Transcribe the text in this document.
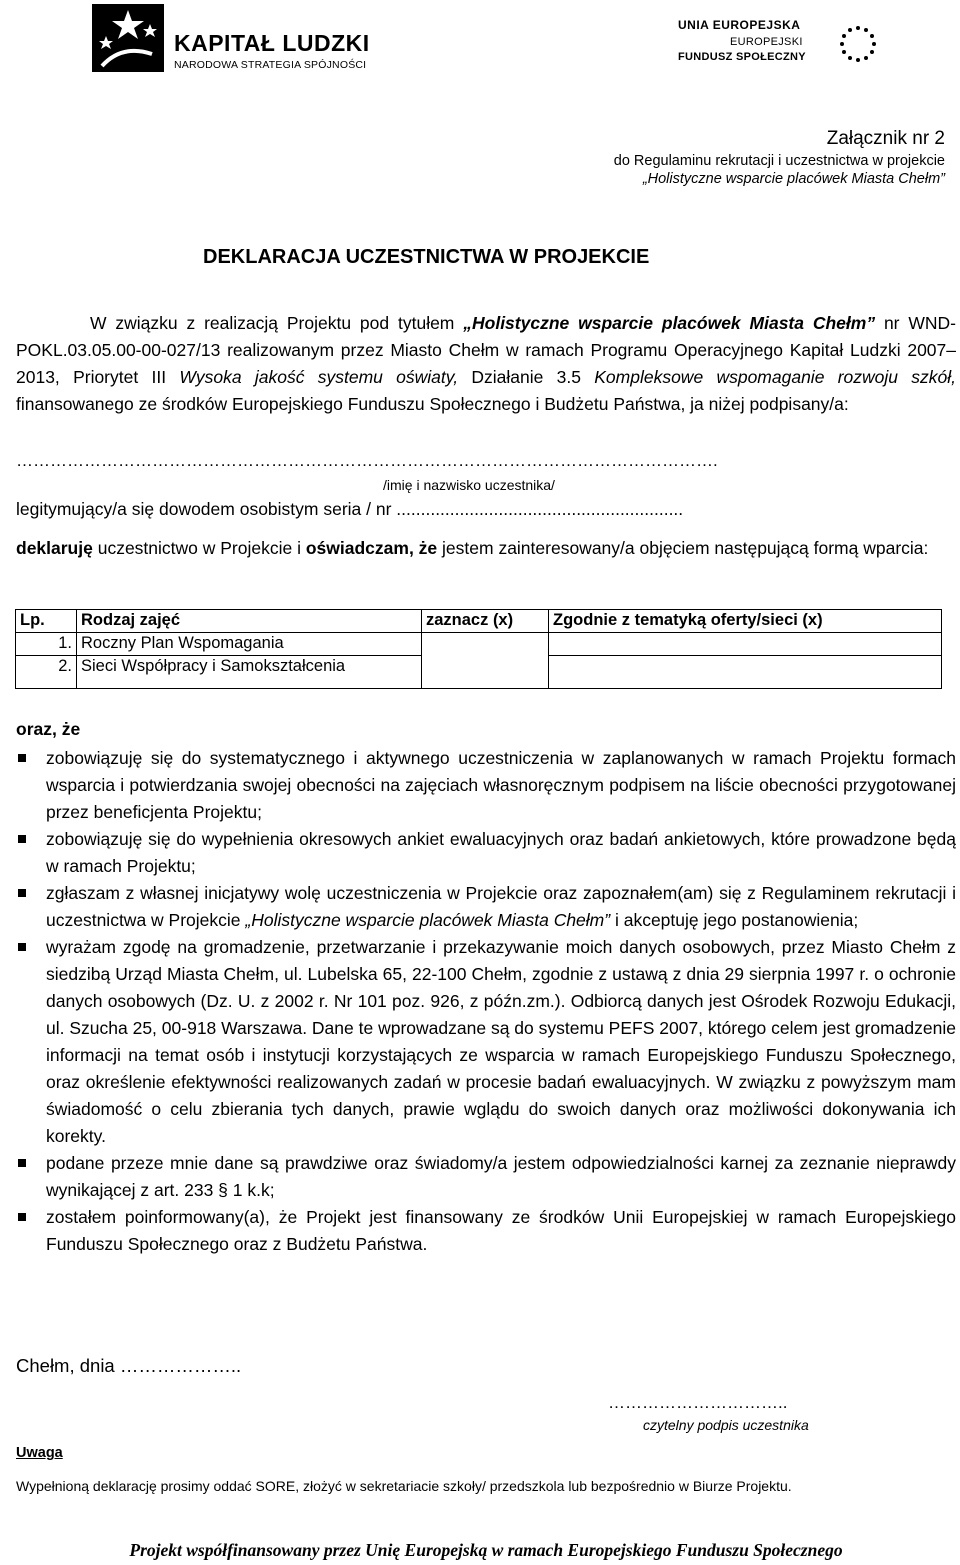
KAPITAŁ LUDZKI
NARODOWA STRATEGIA SPÓJNOŚCI
UNIA EUROPEJSKA
EUROPEJSKI
FUNDUSZ SPOŁECZNY
Załącznik nr 2
do Regulaminu rekrutacji i uczestnictwa w projekcie
„Holistyczne wsparcie placówek Miasta Chełm”
DEKLARACJA UCZESTNICTWA W PROJEKCIE

W związku z realizacją Projektu pod tytułem „Holistyczne wsparcie placówek Miasta Chełm” nr WND-POKL.03.05.00-00-027/13 realizowanym przez Miasto Chełm w ramach Programu Operacyjnego Kapitał Ludzki 2007–2013, Priorytet III Wysoka jakość systemu oświaty, Działanie 3.5 Kompleksowe wspomaganie rozwoju szkół, finansowanego ze środków Europejskiego Funduszu Społecznego i Budżetu Państwa, ja niżej podpisany/a:

…………………………………………………………………………………………………………….
/imię i nazwisko uczestnika/
legitymujący/a się dowodem osobistym seria / nr ...........................................................

deklaruję uczestnictwo w Projekcie i oświadczam, że jestem zainteresowany/a objęciem następującą formą wparcia:

Lp.	Rodzaj zajęć	zaznacz (x)	Zgodnie z tematyką oferty/sieci (x)
1.	Roczny Plan Wspomagania		
2.	Sieci Współpracy i Samokształcenia		
oraz, że
zobowiązuję się do systematycznego i aktywnego uczestniczenia w zaplanowanych w ramach Projektu formach wsparcia i potwierdzania swojej obecności na zajęciach własnoręcznym podpisem na liście obecności przygotowanej przez beneficjenta Projektu;
zobowiązuję się do wypełnienia okresowych ankiet ewaluacyjnych oraz badań ankietowych, które prowadzone będą w ramach Projektu;
zgłaszam z własnej inicjatywy wolę uczestniczenia w Projekcie oraz zapoznałem(am) się z Regulaminem rekrutacji i uczestnictwa w Projekcie „Holistyczne wsparcie placówek Miasta Chełm” i akceptuję jego postanowienia;
wyrażam zgodę na gromadzenie, przetwarzanie i przekazywanie moich danych osobowych, przez Miasto Chełm z siedzibą Urząd Miasta Chełm, ul. Lubelska 65, 22-100 Chełm, zgodnie z ustawą z dnia 29 sierpnia 1997 r. o ochronie danych osobowych (Dz. U. z 2002 r. Nr 101 poz. 926, z późn.zm.). Odbiorcą danych jest Ośrodek Rozwoju Edukacji, ul. Szucha 25, 00-918 Warszawa. Dane te wprowadzane są do systemu PEFS 2007, którego celem jest gromadzenie informacji na temat osób i instytucji korzystających ze wsparcia w ramach Europejskiego Funduszu Społecznego, oraz określenie efektywności realizowanych zadań w procesie badań ewaluacyjnych. W związku z powyższym mam świadomość o celu zbierania tych danych, prawie wglądu do swoich danych oraz możliwości dokonywania ich korekty.
podane przeze mnie dane są prawdziwe oraz świadomy/a jestem odpowiedzialności karnej za zeznanie nieprawdy wynikającej z art. 233 § 1 k.k;
zostałem poinformowany(a), że Projekt jest finansowany ze środków Unii Europejskiej w ramach Europejskiego Funduszu Społecznego oraz z Budżetu Państwa.
Chełm, dnia ………………..
…………………………..
czytelny podpis uczestnika
Uwaga
Wypełnioną deklarację prosimy oddać SORE, złożyć w sekretariacie szkoły/ przedszkola lub bezpośrednio w Biurze Projektu.
Projekt współfinansowany przez Unię Europejską w ramach Europejskiego Funduszu Społecznego
